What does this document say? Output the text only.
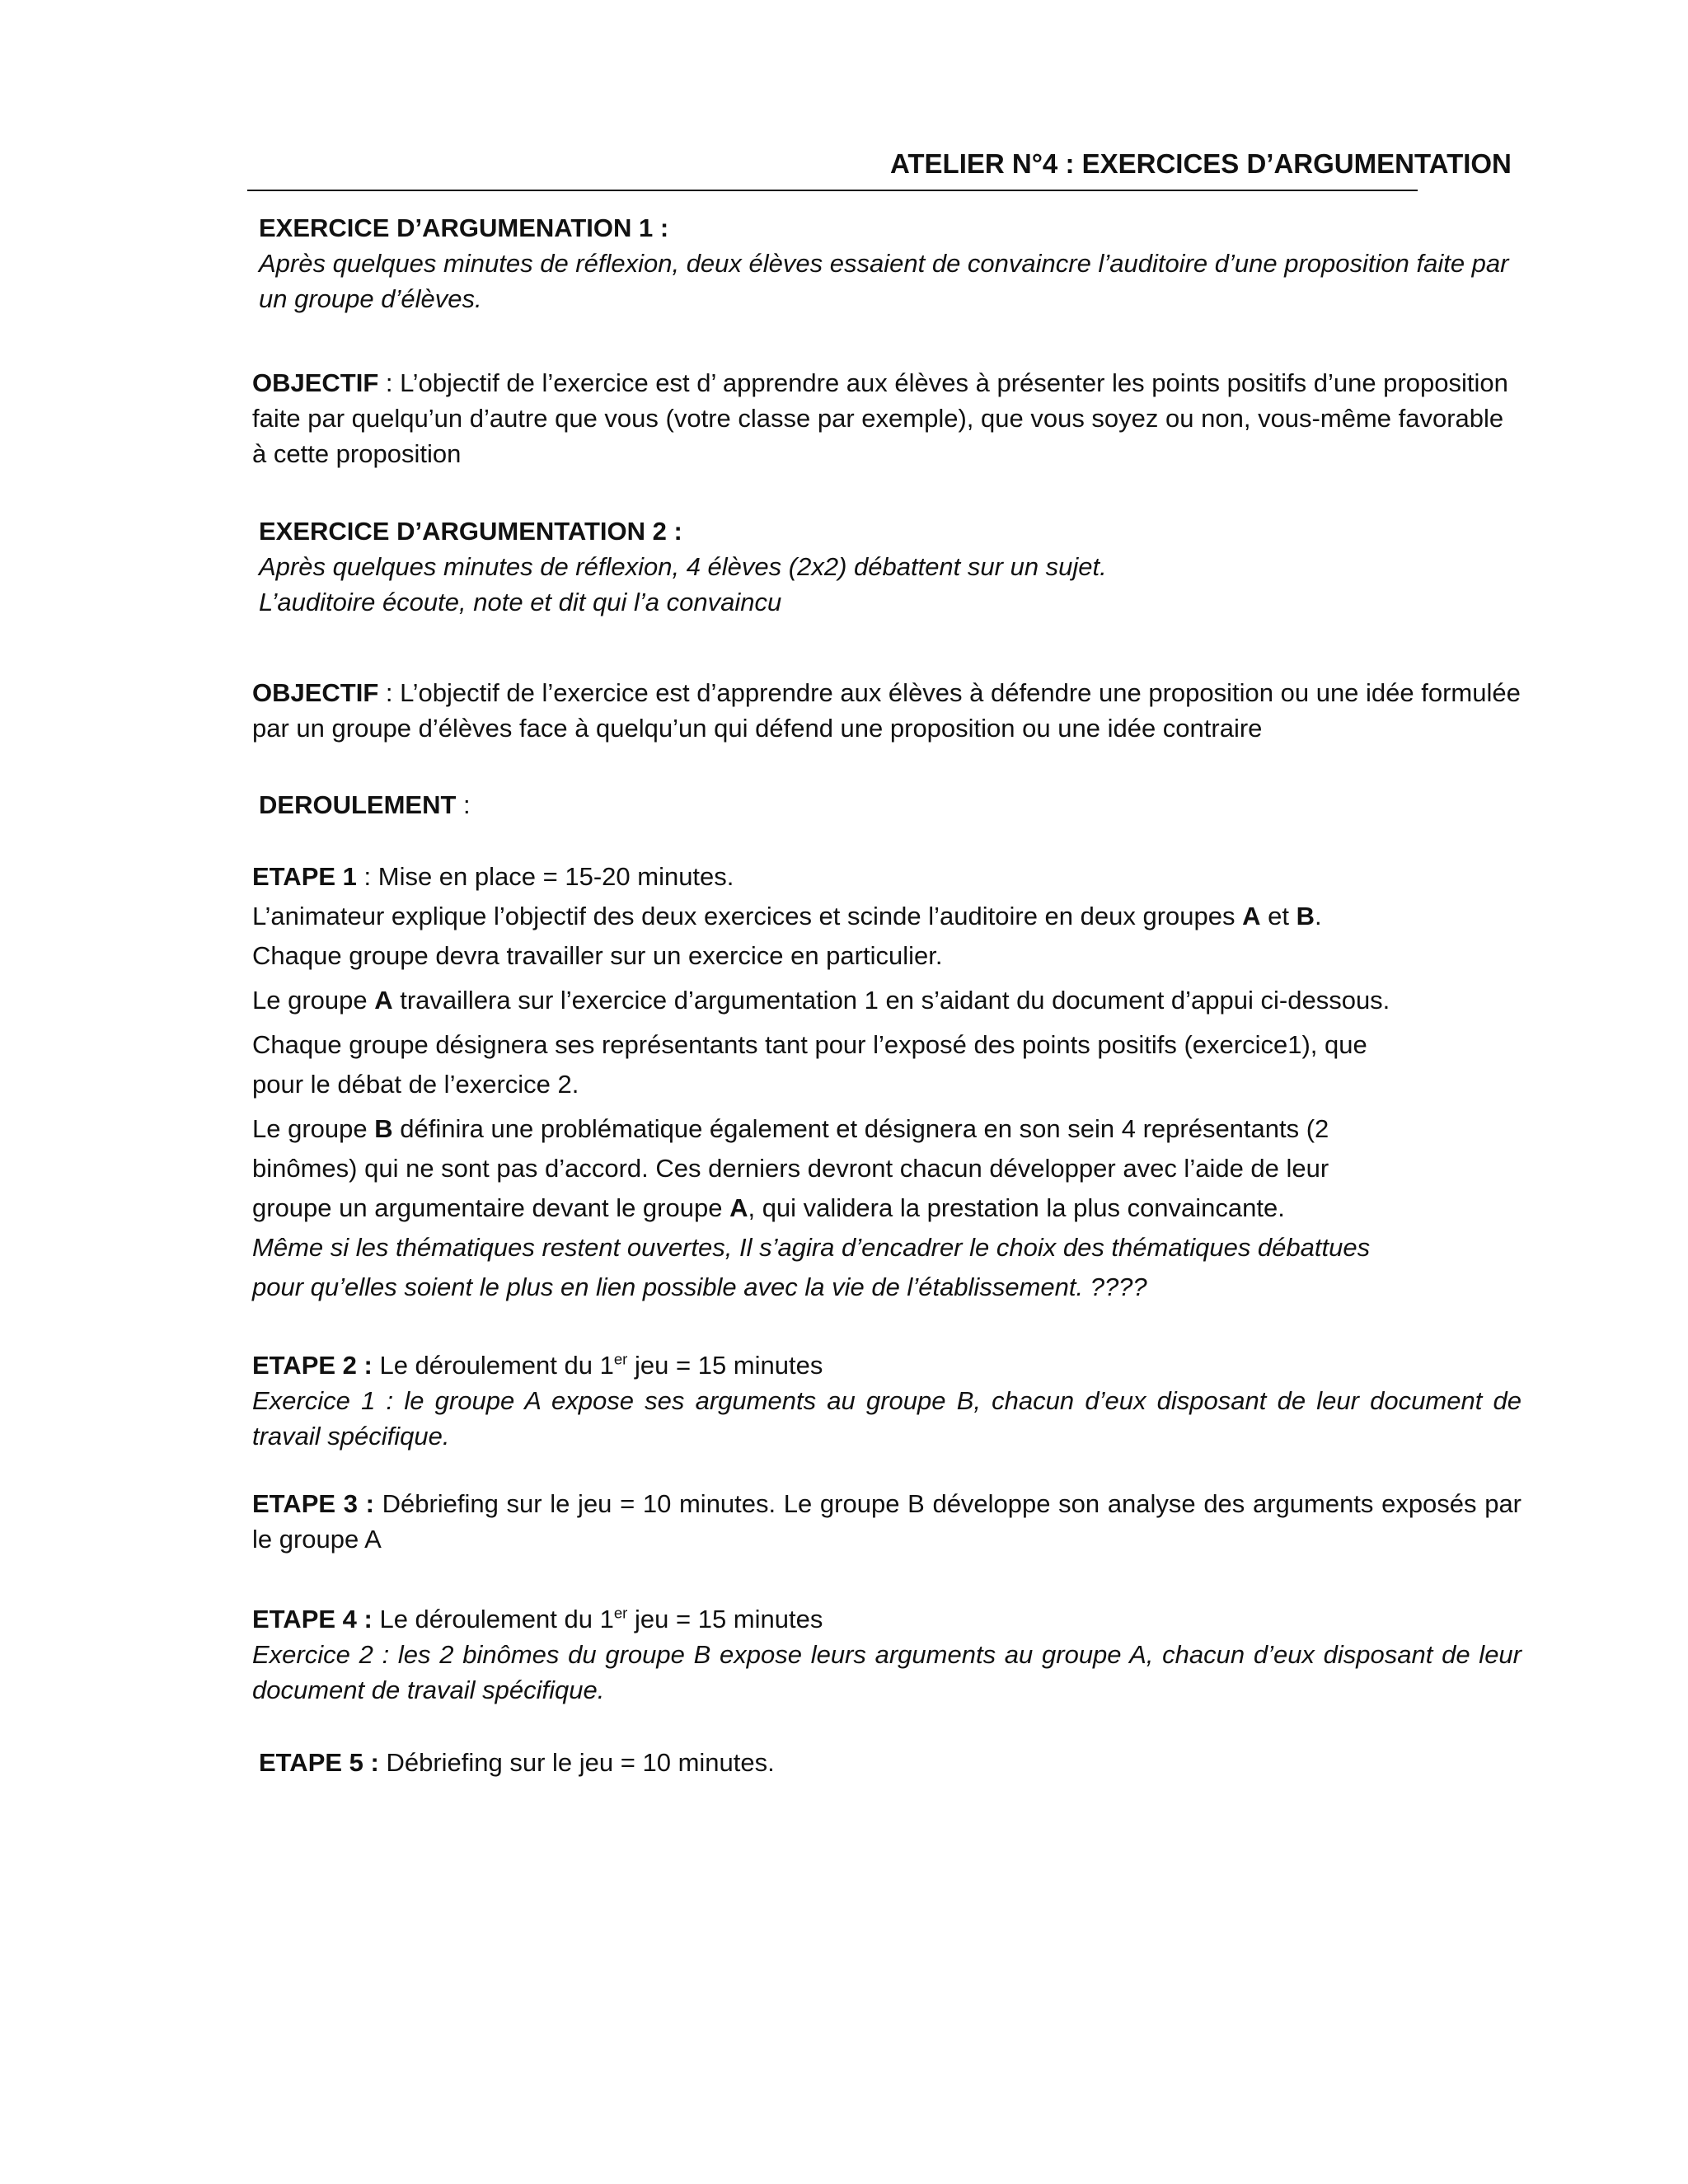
ATELIER N°4 : EXERCICES D’ARGUMENTATION

EXERCICE D’ARGUMENATION 1 :

Après quelques minutes de réflexion, deux élèves essaient de convaincre l’auditoire d’une proposition faite par un groupe d’élèves.

OBJECTIF : L’objectif de l’exercice est d’ apprendre aux élèves à présenter les points positifs d’une proposition faite par quelqu’un d’autre que vous (votre classe par exemple), que vous soyez ou non, vous-même favorable à cette proposition

EXERCICE D’ARGUMENTATION 2 :

Après quelques minutes de réflexion, 4 élèves (2x2) débattent sur un sujet.

L’auditoire écoute, note et dit qui l’a convaincu

OBJECTIF : L’objectif de l’exercice est d’apprendre aux élèves à défendre une proposition ou une idée formulée par un groupe d’élèves face à quelqu’un qui défend une proposition ou une idée contraire

DEROULEMENT :

ETAPE 1 : Mise en place = 15-20 minutes.

L’animateur explique l’objectif des deux exercices et scinde l’auditoire en deux groupes A et B.

Chaque groupe devra travailler sur un exercice en particulier.

Le groupe A travaillera sur l’exercice d’argumentation 1 en s’aidant du document d’appui ci-dessous.

Chaque groupe désignera ses représentants tant pour l’exposé des points positifs (exercice1), que

pour le débat de l’exercice 2.

Le groupe B définira une problématique également et désignera en son sein 4 représentants (2

binômes) qui ne sont pas d’accord. Ces derniers devront chacun développer avec l’aide de leur

groupe un argumentaire devant le groupe A, qui validera la prestation la plus convaincante.

Même si les thématiques restent ouvertes, Il s’agira d’encadrer le choix des thématiques débattues

pour qu’elles soient le plus en lien possible avec la vie de l’établissement. ????

ETAPE 2 : Le déroulement du 1er jeu = 15 minutes

Exercice 1 : le groupe A expose ses arguments au groupe B, chacun d’eux disposant de leur document de travail spécifique.

ETAPE 3 : Débriefing sur le jeu = 10 minutes. Le groupe B développe son analyse des arguments exposés par le groupe A

ETAPE 4 : Le déroulement du 1er jeu = 15 minutes

Exercice 2 : les 2 binômes du groupe B expose leurs arguments au groupe A, chacun d’eux disposant de leur document de travail spécifique.

ETAPE 5 : Débriefing sur le jeu = 10 minutes.
